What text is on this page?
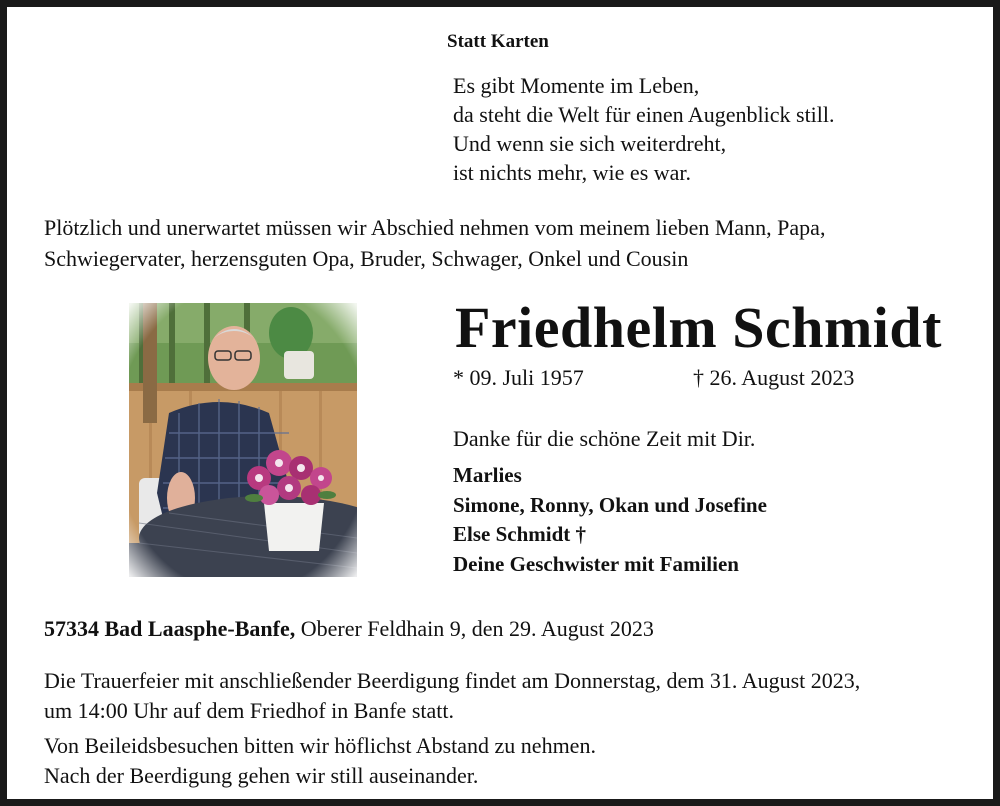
Statt Karten
Es gibt Momente im Leben,
da steht die Welt für einen Augenblick still.
Und wenn sie sich weiterdreht,
ist nichts mehr, wie es war.
Plötzlich und unerwartet müssen wir Abschied nehmen vom meinem lieben Mann, Papa,
Schwiegervater, herzensguten Opa, Bruder, Schwager, Onkel und Cousin
Friedhelm Schmidt
* 09. Juli 1957	† 26. August 2023
Danke für die schöne Zeit mit Dir.
Marlies
Simone, Ronny, Okan und Josefine
Else Schmidt †
Deine Geschwister mit Familien
57334 Bad Laasphe-Banfe, Oberer Feldhain 9, den 29. August 2023
Die Trauerfeier mit anschließender Beerdigung findet am Donnerstag, dem 31. August 2023,
um 14:00 Uhr auf dem Friedhof in Banfe statt.
Von Beileidsbesuchen bitten wir höflichst Abstand zu nehmen.
Nach der Beerdigung gehen wir still auseinander.
